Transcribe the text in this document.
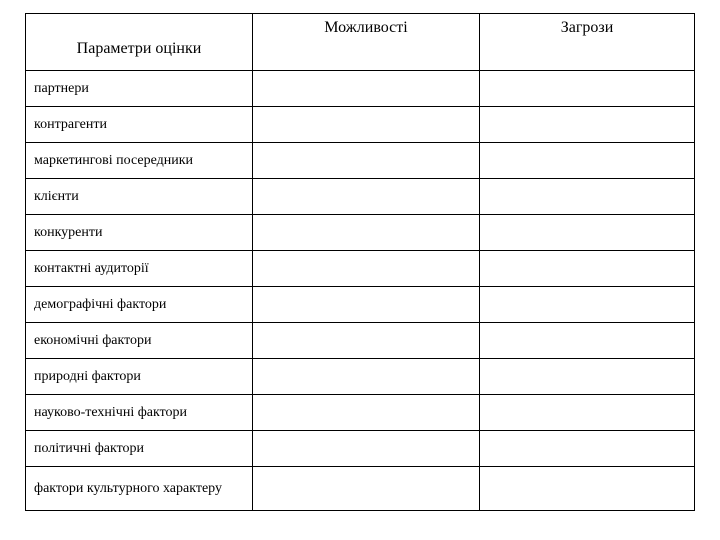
Параметри оцінки	Можливості	Загрози
партнери		
контрагенти		
маркетингові посередники		
клієнти		
конкуренти		
контактні аудиторії		
демографічні фактори		
економічні фактори		
природні фактори		
науково-технічні фактори		
політичні фактори		
фактори культурного характеру		
